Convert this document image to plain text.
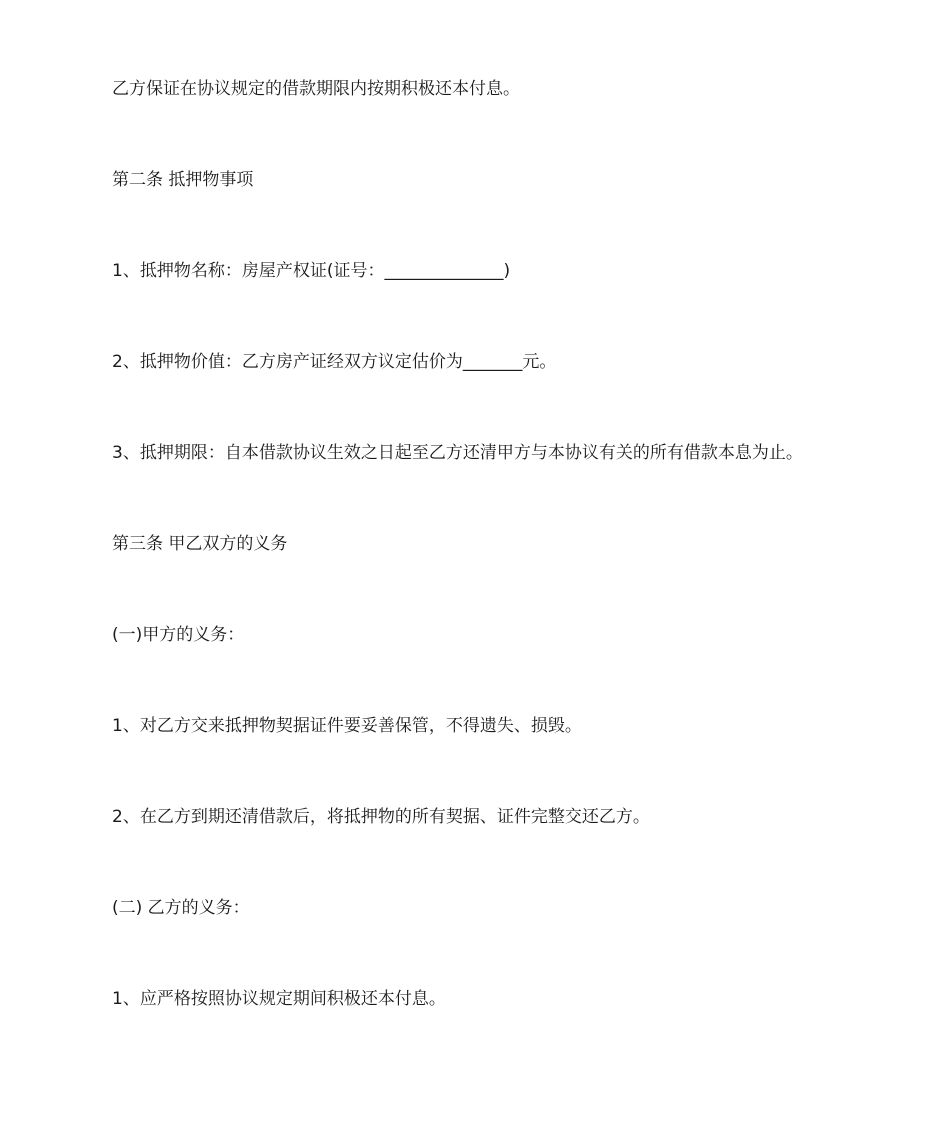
乙方保证在协议规定的借款期限内按期积极还本付息。
第二条 抵押物事项
1、抵押物名称：房屋产权证(证号：______________)
2、抵押物价值：乙方房产证经双方议定估价为_______元。
3、抵押期限：自本借款协议生效之日起至乙方还清甲方与本协议有关的所有借款本息为止。
第三条 甲乙双方的义务
(一)甲方的义务：
1、对乙方交来抵押物契据证件要妥善保管，不得遗失、损毁。
2、在乙方到期还清借款后，将抵押物的所有契据、证件完整交还乙方。
(二) 乙方的义务：
1、应严格按照协议规定期间积极还本付息。
